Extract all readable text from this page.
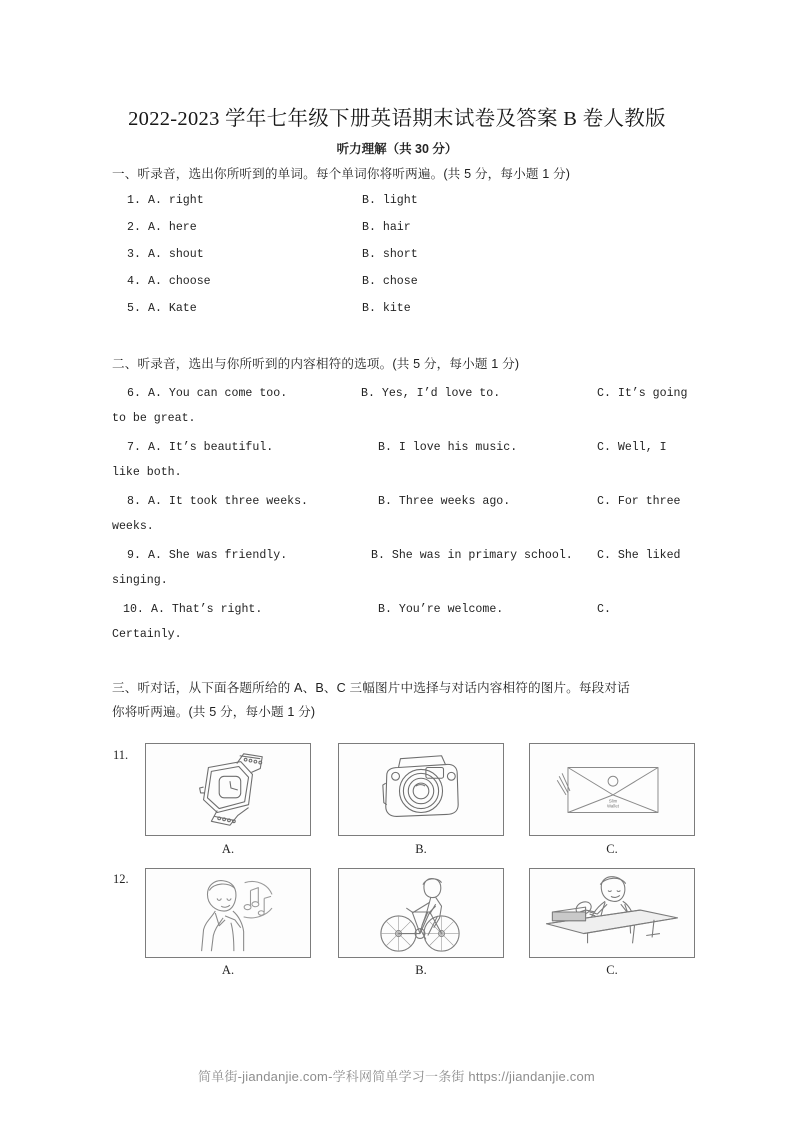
2022-2023 学年七年级下册英语期末试卷及答案 B 卷人教版
听力理解（共 30 分）
一、听录音，选出你所听到的单词。每个单词你将听两遍。(共 5 分，每小题 1 分)
1. A. right	B. light
2. A. here	B. hair
3. A. shout	B. short
4. A. choose	B. chose
5. A. Kate	B. kite
二、听录音，选出与你所听到的内容相符的选项。(共 5 分，每小题 1 分)
6. A. You can come too.	B. Yes, I’d love to.	C. It’s going
to be great.
7. A. It’s beautiful.	B. I love his music.	C. Well, I
like both.
8. A. It took three weeks.	B. Three weeks ago.	C. For three
weeks.
9. A. She was friendly.	B. She was in primary school. C. She liked
singing.
10. A. That’s right.	B. You’re welcome.	C.
Certainly.
三、听对话，从下面各题所给的 A、B、C 三幅图片中选择与对话内容相符的图片。每段对话
你将听两遍。(共 5 分，每小题 1 分)
11.
Slim
Wallet
A.	B.	C.
12.
A.	B.	C.
简单街-jiandanjie.com-学科网简单学习一条街 https://jiandanjie.com
